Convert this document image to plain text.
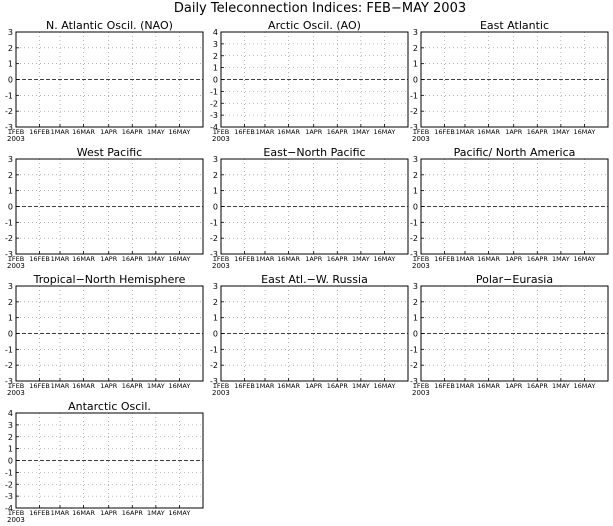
Daily Teleconnection Indices: FEB−MAY 2003
N. Atlantic Oscil. (NAO)
3
2
1
0
-1
-2
-3
1FEB 16FEB 1MAR 16MAR 1APR 16APR 1MAY 16MAY
2003
Arctic Oscil. (AO)
4
3
2
1
0
-1
-2
-3
-4
1FEB 16FEB 1MAR 16MAR 1APR 16APR 1MAY 16MAY
2003
East Atlantic
3
2
1
0
-1
-2
-3
1FEB 16FEB 1MAR 16MAR 1APR 16APR 1MAY 16MAY
2003
West Pacific
3
2
1
0
-1
-2
-3
1FEB 16FEB 1MAR 16MAR 1APR 16APR 1MAY 16MAY
2003
East−North Pacific
3
2
1
0
-1
-2
-3
1FEB 16FEB 1MAR 16MAR 1APR 16APR 1MAY 16MAY
2003
Pacific/ North America
3
2
1
0
-1
-2
-3
1FEB 16FEB 1MAR 16MAR 1APR 16APR 1MAY 16MAY
2003
Tropical−North Hemisphere
3
2
1
0
-1
-2
-3
1FEB 16FEB 1MAR 16MAR 1APR 16APR 1MAY 16MAY
2003
East Atl.−W. Russia
3
2
1
0
-1
-2
-3
1FEB 16FEB 1MAR 16MAR 1APR 16APR 1MAY 16MAY
2003
Polar−Eurasia
3
2
1
0
-1
-2
-3
1FEB 16FEB 1MAR 16MAR 1APR 16APR 1MAY 16MAY
2003
Antarctic Oscil.
4
3
2
1
0
-1
-2
-3
-4
1FEB 16FEB 1MAR 16MAR 1APR 16APR 1MAY 16MAY
2003
